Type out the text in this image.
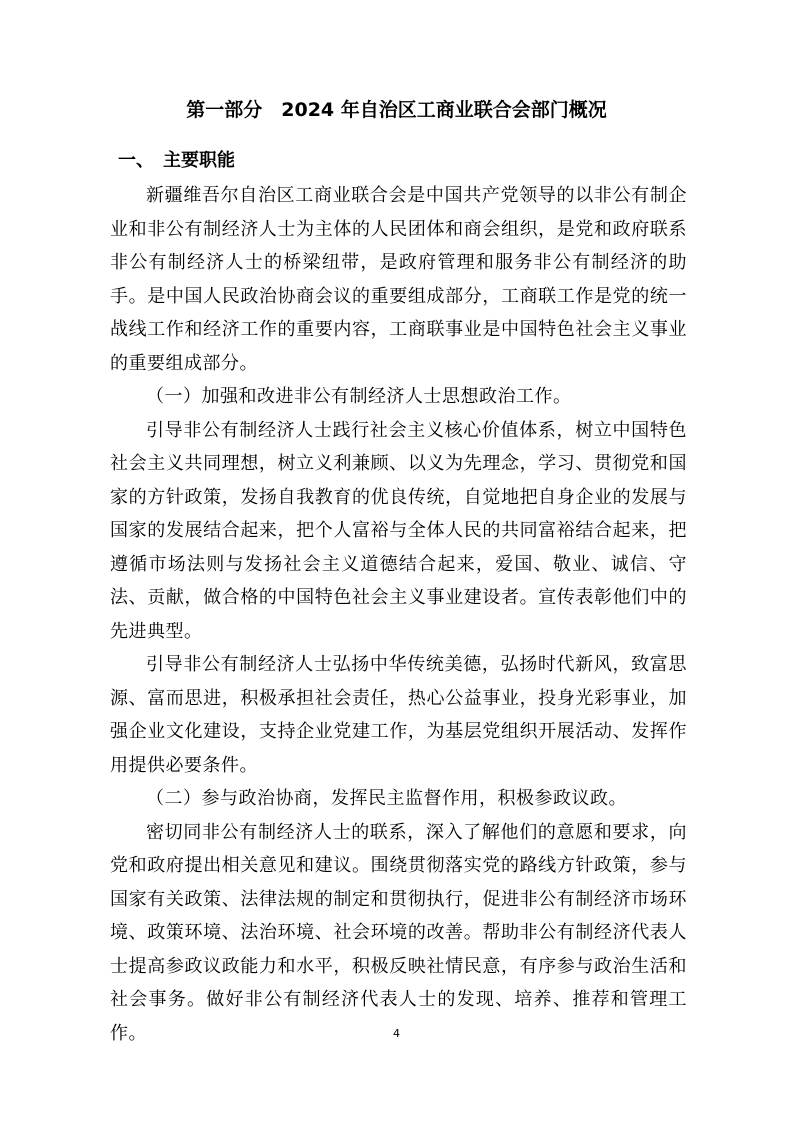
第一部分　2024 年自治区工商业联合会部门概况
一、　主要职能

新疆维吾尔自治区工商业联合会是中国共产党领导的以非公有制企业和非公有制经济人士为主体的人民团体和商会组织，是党和政府联系非公有制经济人士的桥梁纽带，是政府管理和服务非公有制经济的助手。是中国人民政治协商会议的重要组成部分，工商联工作是党的统一战线工作和经济工作的重要内容，工商联事业是中国特色社会主义事业的重要组成部分。

（一）加强和改进非公有制经济人士思想政治工作。

引导非公有制经济人士践行社会主义核心价值体系，树立中国特色社会主义共同理想，树立义利兼顾、以义为先理念，学习、贯彻党和国家的方针政策，发扬自我教育的优良传统，自觉地把自身企业的发展与国家的发展结合起来，把个人富裕与全体人民的共同富裕结合起来，把遵循市场法则与发扬社会主义道德结合起来，爱国、敬业、诚信、守法、贡献，做合格的中国特色社会主义事业建设者。宣传表彰他们中的先进典型。

引导非公有制经济人士弘扬中华传统美德，弘扬时代新风，致富思源、富而思进，积极承担社会责任，热心公益事业，投身光彩事业，加强企业文化建设，支持企业党建工作，为基层党组织开展活动、发挥作用提供必要条件。

（二）参与政治协商，发挥民主监督作用，积极参政议政。

密切同非公有制经济人士的联系，深入了解他们的意愿和要求，向党和政府提出相关意见和建议。围绕贯彻落实党的路线方针政策，参与国家有关政策、法律法规的制定和贯彻执行，促进非公有制经济市场环境、政策环境、法治环境、社会环境的改善。帮助非公有制经济代表人士提高参政议政能力和水平，积极反映社情民意，有序参与政治生活和社会事务。做好非公有制经济代表人士的发现、培养、推荐和管理工作。	4
